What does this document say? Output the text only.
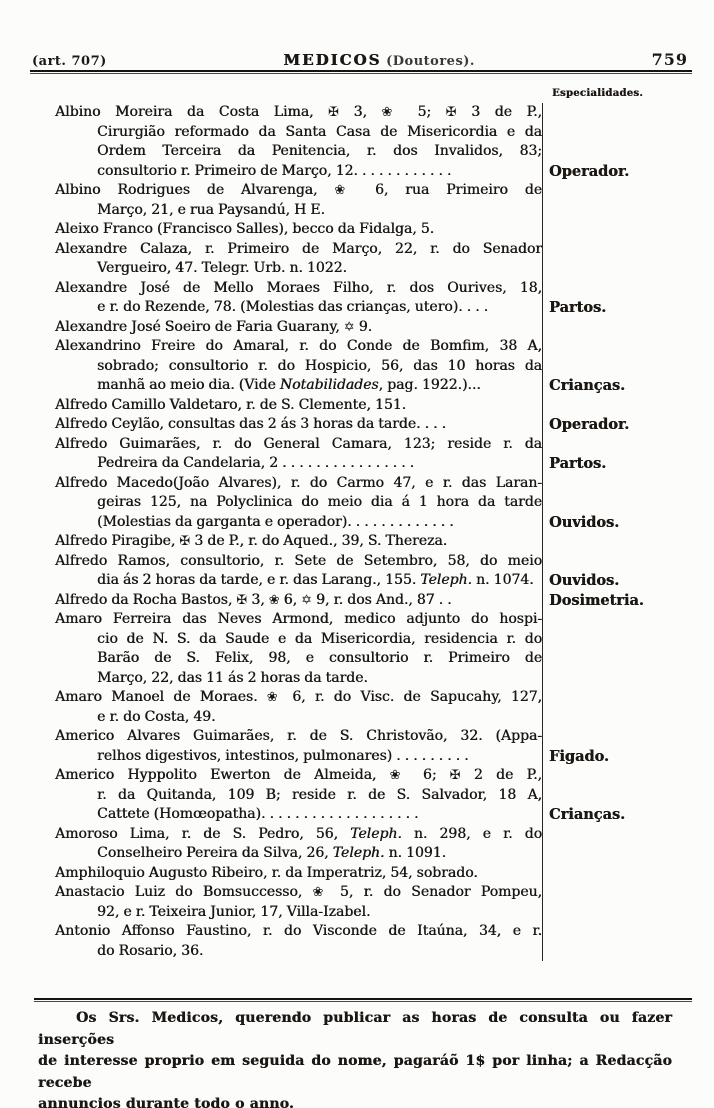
(art. 707)	MEDICOS (Doutores).	759
Especialidades.
Albino Moreira da Costa Lima, ✠ 3, ❀ 5; ✠ 3 de P.,
Cirurgião reformado da Santa Casa de Misericordia e da
Ordem Terceira da Penitencia, r. dos Invalidos, 83;
consultorio r. Primeiro de Março, 12. . . . . . . . . . . .	Operador.
Albino Rodrigues de Alvarenga, ❀ 6, rua Primeiro de
Março, 21, e rua Paysandú, H E.
Aleixo Franco (Francisco Salles), becco da Fidalga, 5.
Alexandre Calaza, r. Primeiro de Março, 22, r. do Senador
Vergueiro, 47. Telegr. Urb. n. 1022.
Alexandre José de Mello Moraes Filho, r. dos Ourives, 18,
e r. do Rezende, 78. (Molestias das crianças, utero). . . .	Partos.
Alexandre José Soeiro de Faria Guarany, ✡ 9.
Alexandrino Freire do Amaral, r. do Conde de Bomfim, 38 A,
sobrado; consultorio r. do Hospicio, 56, das 10 horas da
manhã ao meio dia. (Vide Notabilidades, pag. 1922.)...	Crianças.
Alfredo Camillo Valdetaro, r. de S. Clemente, 151.
Alfredo Ceylão, consultas das 2 ás 3 horas da tarde. . . .	Operador.
Alfredo Guimarães, r. do General Camara, 123; reside r. da
Pedreira da Candelaria, 2 . . . . . . . . . . . . . . . .	Partos.
Alfredo Macedo(João Alvares), r. do Carmo 47, e r. das Laran-
geiras 125, na Polyclinica do meio dia á 1 hora da tarde
(Molestias da garganta e operador). . . . . . . . . . . . .	Ouvidos.
Alfredo Piragibe, ✠ 3 de P., r. do Aqued., 39, S. Thereza.
Alfredo Ramos, consultorio, r. Sete de Setembro, 58, do meio
dia ás 2 horas da tarde, e r. das Larang., 155. Teleph. n. 1074.	Ouvidos.
Alfredo da Rocha Bastos, ✠ 3, ❀ 6, ✡ 9, r. dos And., 87 . .	Dosimetria.
Amaro Ferreira das Neves Armond, medico adjunto do hospi-
cio de N. S. da Saude e da Misericordia, residencia r. do
Barão de S. Felix, 98, e consultorio r. Primeiro de
Março, 22, das 11 ás 2 horas da tarde.
Amaro Manoel de Moraes. ❀ 6, r. do Visc. de Sapucahy, 127,
e r. do Costa, 49.
Americo Alvares Guimarães, r. de S. Christovão, 32. (Appa-
relhos digestivos, intestinos, pulmonares) . . . . . . . . .	Figado.
Americo Hyppolito Ewerton de Almeida, ❀ 6; ✠ 2 de P.,
r. da Quitanda, 109 B; reside r. de S. Salvador, 18 A,
Cattete (Homœopatha). . . . . . . . . . . . . . . . . . .	Crianças.
Amoroso Lima, r. de S. Pedro, 56, Teleph. n. 298, e r. do
Conselheiro Pereira da Silva, 26, Teleph. n. 1091.
Amphiloquio Augusto Ribeiro, r. da Imperatriz, 54, sobrado.
Anastacio Luiz do Bomsuccesso, ❀ 5, r. do Senador Pompeu,
92, e r. Teixeira Junior, 17, Villa-Izabel.
Antonio Affonso Faustino, r. do Visconde de Itaúna, 34, e r.
do Rosario, 36.
Os Srs. Medicos, querendo publicar as horas de consulta ou fazer inserções
de interesse proprio em seguida do nome, pagaráõ 1$ por linha; a Redacção recebe
annuncios durante todo o anno.
